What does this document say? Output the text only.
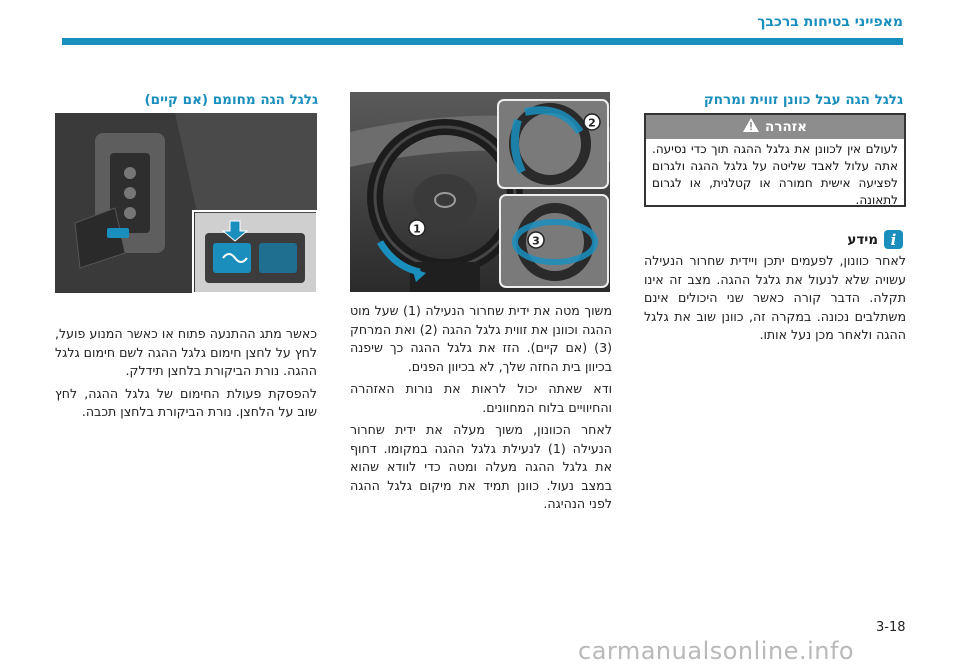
מאפייני בטיחות ברכבך
גלגל הגה עבל כוונן זווית ומרחק
אזהרה
לעולם אין לכוונן את גלגל ההגה תוך כדי נסיעה. אתה עלול לאבד שליטה על גלגל ההגה ולגרום לפציעה אישית חמורה או קטלנית, או לגרום לתאונה.
i
מידע

לאחר כוונון, לפעמים יתכן ויידית שחרור הנעילה עשויה שלא לנעול את גלגל ההגה. מצב זה אינו תקלה. הדבר קורה כאשר שני היכולים אינם משתלבים נכונה. במקרה זה, כוונן שוב את גלגל ההגה ולאחר מכן נעל אותו.

1
2
3

משוך מטה את ידית שחרור הנעילה (1) שעל מוט ההגה וכוונן את זווית גלגל ההגה (2) ואת המרחק (3) (אם קיים). הזז את גלגל ההגה כך שיפנה בכיוון בית החזה שלך, לא בכיוון הפנים.

ודא שאתה יכול לראות את נורות האזהרה והחיוויים בלוח המחוונים.

לאחר הכוונון, משוך מעלה את ידית שחרור הנעילה (1) לנעילת גלגל ההגה במקומו. דחוף את גלגל ההגה מעלה ומטה כדי לוודא שהוא במצב נעול. כוונן תמיד את מיקום גלגל ההגה לפני הנהיגה.

גלגל הגה מחומם (אם קיים)

כאשר מתג ההתנעה פתוח או כאשר המנוע פועל, לחץ על לחצן חימום גלגל ההגה לשם חימום גלגל ההגה. נורת הביקורת בלחצן תידלק.

להפסקת פעולת החימום של גלגל ההגה, לחץ שוב על הלחצן. נורת הביקורת בלחצן תכבה.

3-18
carmanualsonline.info
